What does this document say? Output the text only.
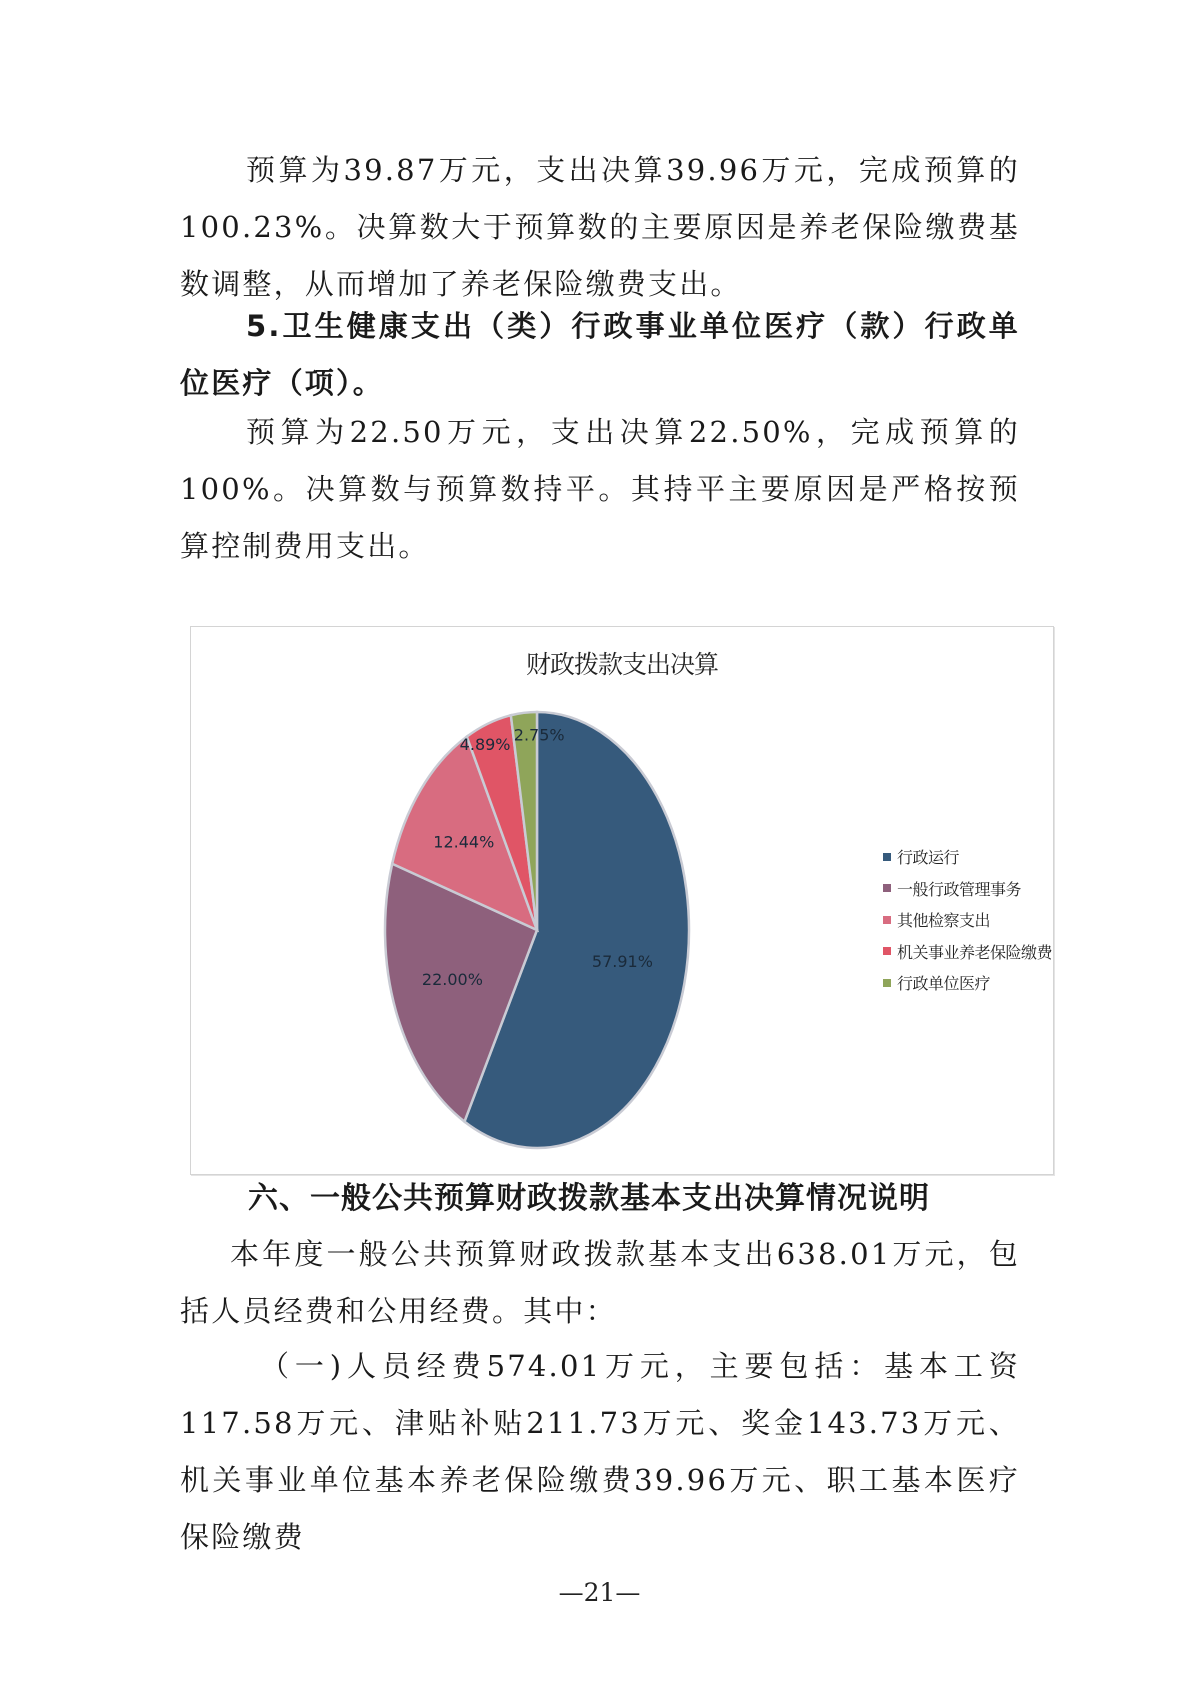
预算为39.87万元，支出决算39.96万元，完成预算的100.23%。决算数大于预算数的主要原因是养老保险缴费基数调整，从而增加了养老保险缴费支出。

5.卫生健康支出（类）行政事业单位医疗（款）行政单位医疗（项）。

预算为22.50万元，支出决算22.50%，完成预算的100%。决算数与预算数持平。其持平主要原因是严格按预算控制费用支出。

财政拨款支出决算
57.91%
22.00%
12.44%
4.89%
2.75%
行政运行
一般行政管理事务
其他检察支出
机关事业养老保险缴费
行政单位医疗

六、一般公共预算财政拨款基本支出决算情况说明

本年度一般公共预算财政拨款基本支出638.01万元，包括人员经费和公用经费。其中：

（一)人员经费574.01万元，主要包括：基本工资117.58万元、津贴补贴211.73万元、奖金143.73万元、机关事业单位基本养老保险缴费39.96万元、职工基本医疗保险缴费

—21—
